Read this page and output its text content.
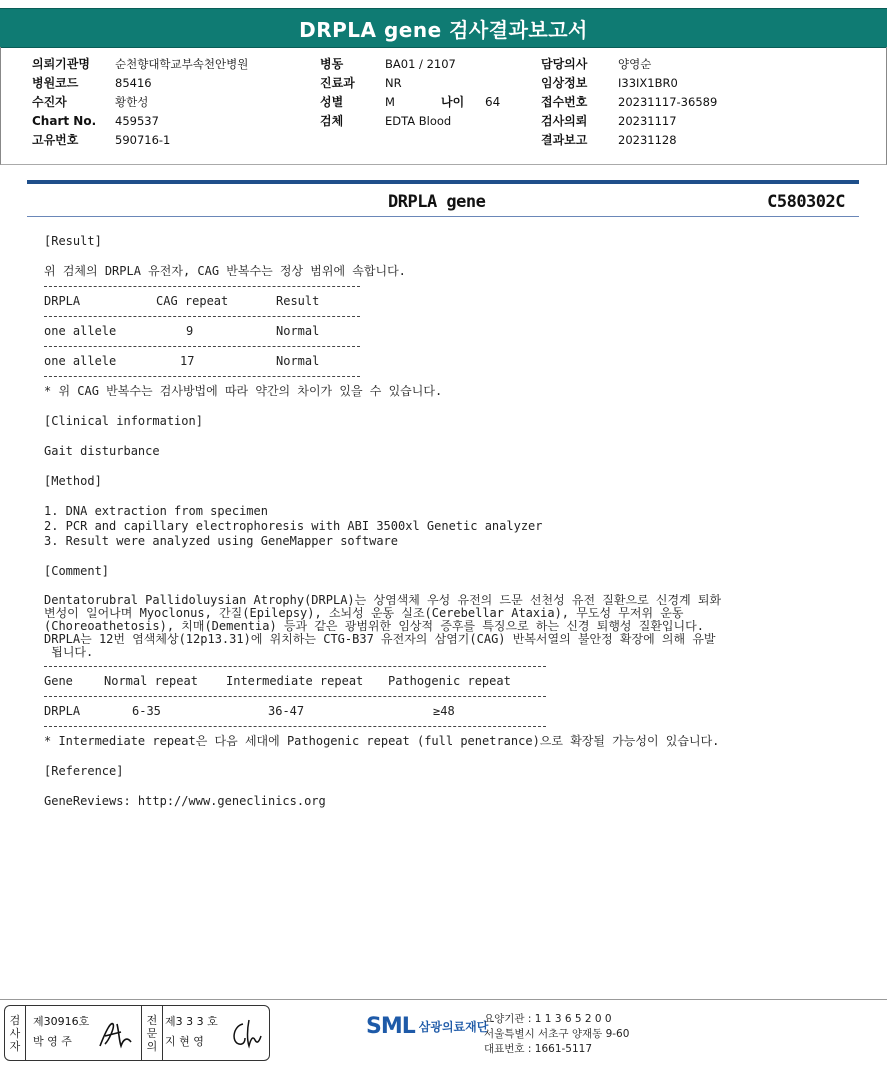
DRPLA gene 검사결과보고서
의뢰기관명	순천향대학교부속천안병원
병원코드	85416
수진자	황한성
Chart No.	459537
고유번호	590716-1
병동	BA01 / 2107
진료과	NR
성별	M
검체	EDTA Blood
나이 64
담당의사	양영순
임상정보	I33IX1BR0
접수번호	20231117-36589
검사의뢰	20231117
결과보고	20231128
DRPLA gene	C580302C
[Result]
위 검체의 DRPLA 유전자, CAG 반복수는 정상 범위에 속합니다.
DRPLA	CAG repeat	Result
one allele	9	Normal
one allele	17	Normal
* 위 CAG 반복수는 검사방법에 따라 약간의 차이가 있을 수 있습니다.
[Clinical information]
Gait disturbance
[Method]
1. DNA extraction from specimen
2. PCR and capillary electrophoresis with ABI 3500xl Genetic analyzer
3. Result were analyzed using GeneMapper software
[Comment]
Dentatorubral Pallidoluysian Atrophy(DRPLA)는 상염색체 우성 유전의 드문 선천성 유전 질환으로 신경계 퇴화
변성이 일어나며 Myoclonus, 간질(Epilepsy), 소뇌성 운동 실조(Cerebellar Ataxia), 무도성 무저위 운동
(Choreoathetosis), 치매(Dementia) 등과 같은 광범위한 임상적 증후를 특징으로 하는 신경 퇴행성 질환입니다.
DRPLA는 12번 염색체상(12p13.31)에 위치하는 CTG-B37 유전자의 삼염기(CAG) 반복서열의 불안정 확장에 의해 유발
됩니다.
Gene	Normal repeat Intermediate repeat Pathogenic repeat
DRPLA	6-35	36-47	≥48
* Intermediate repeat은 다음 세대에 Pathogenic repeat (full penetrance)으로 확장될 가능성이 있습니다.
[Reference]
GeneReviews: http://www.geneclinics.org
검
사
자
제30916호
박 영 주
전
문
의
제3 3 3 호
지 현 영
SML 삼광의료재단
요양기관 : 1 1 3 6 5 2 0 0
서울특별시 서초구 양재동 9-60
대표번호 : 1661-5117
